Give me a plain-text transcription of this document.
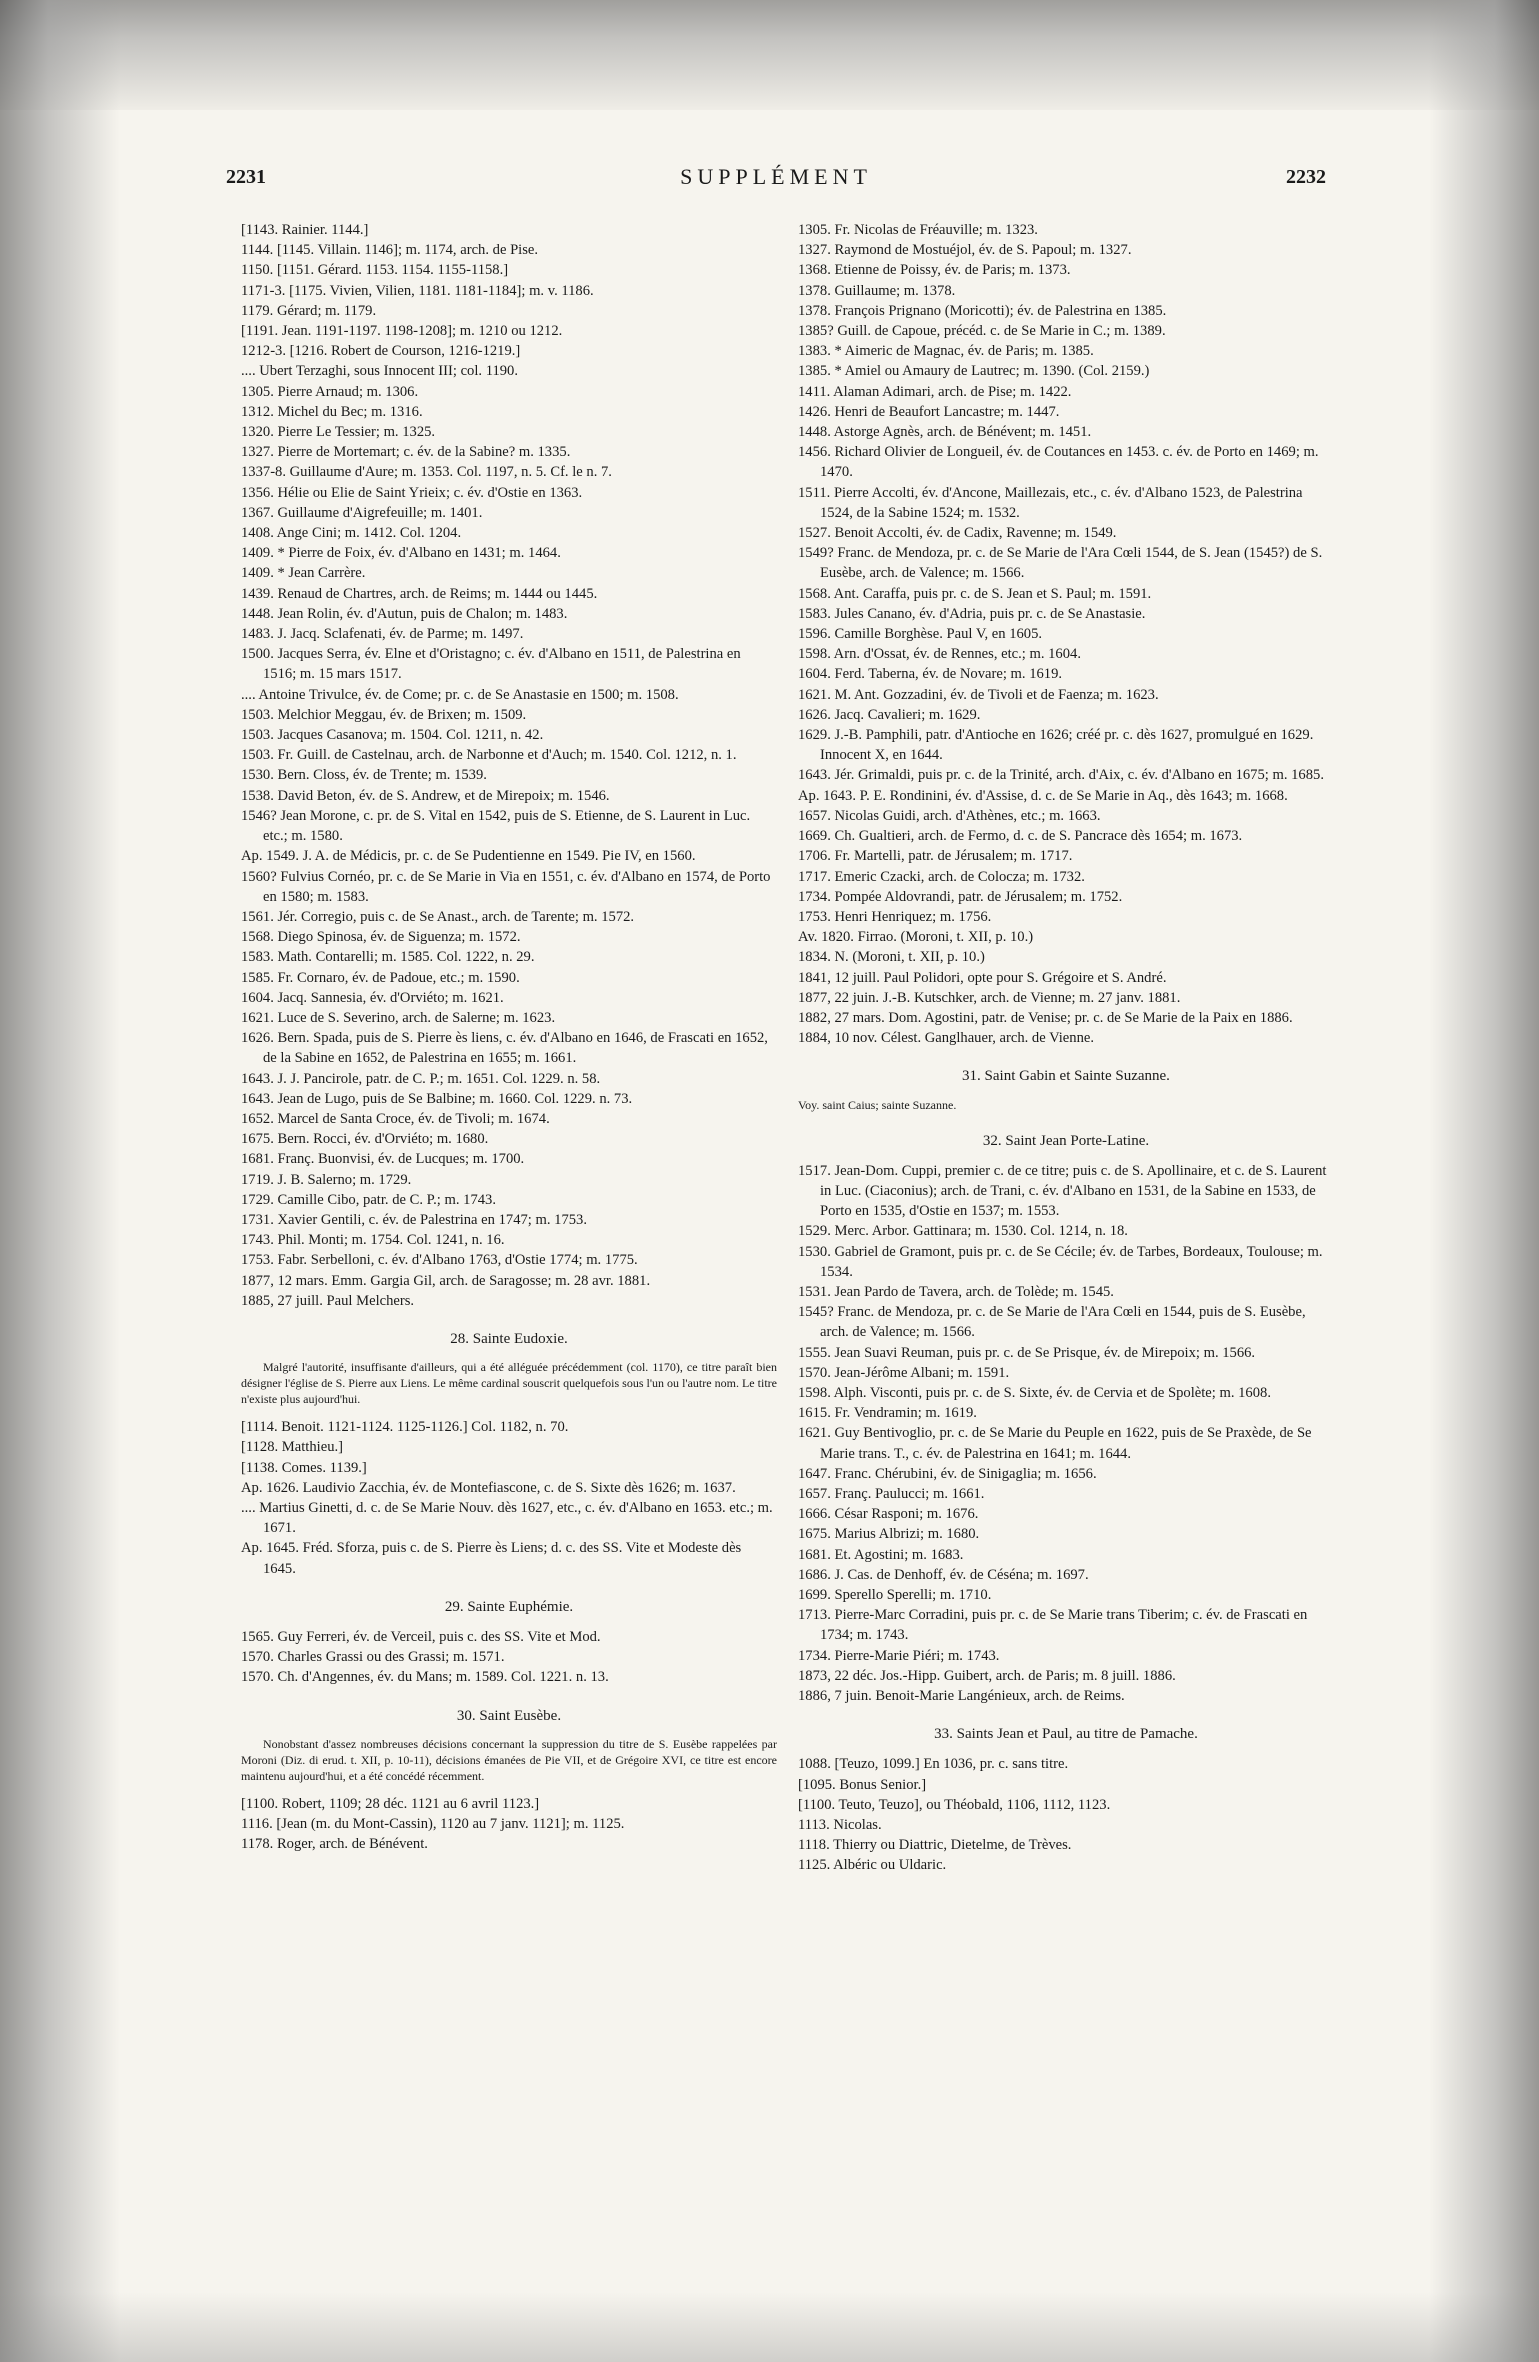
2231	SUPPLÉMENT	2232
[1143. Rainier. 1144.]
1144. [1145. Villain. 1146]; m. 1174, arch. de Pise.
1150. [1151. Gérard. 1153. 1154. 1155-1158.]
1171-3. [1175. Vivien, Vilien, 1181. 1181-1184]; m. v. 1186.
1179. Gérard; m. 1179.
[1191. Jean. 1191-1197. 1198-1208]; m. 1210 ou 1212.
1212-3. [1216. Robert de Courson, 1216-1219.]
.... Ubert Terzaghi, sous Innocent III; col. 1190.
1305. Pierre Arnaud; m. 1306.
1312. Michel du Bec; m. 1316.
1320. Pierre Le Tessier; m. 1325.
1327. Pierre de Mortemart; c. év. de la Sabine? m. 1335.
1337-8. Guillaume d'Aure; m. 1353. Col. 1197, n. 5. Cf. le n. 7.
1356. Hélie ou Elie de Saint Yrieix; c. év. d'Ostie en 1363.
1367. Guillaume d'Aigrefeuille; m. 1401.
1408. Ange Cini; m. 1412. Col. 1204.
1409. * Pierre de Foix, év. d'Albano en 1431; m. 1464.
1409. * Jean Carrère.
1439. Renaud de Chartres, arch. de Reims; m. 1444 ou 1445.
1448. Jean Rolin, év. d'Autun, puis de Chalon; m. 1483.
1483. J. Jacq. Sclafenati, év. de Parme; m. 1497.
1500. Jacques Serra, év. Elne et d'Oristagno; c. év. d'Albano en 1511, de Palestrina en 1516; m. 15 mars 1517.
.... Antoine Trivulce, év. de Come; pr. c. de Se Anastasie en 1500; m. 1508.
1503. Melchior Meggau, év. de Brixen; m. 1509.
1503. Jacques Casanova; m. 1504. Col. 1211, n. 42.
1503. Fr. Guill. de Castelnau, arch. de Narbonne et d'Auch; m. 1540. Col. 1212, n. 1.
1530. Bern. Closs, év. de Trente; m. 1539.
1538. David Beton, év. de S. Andrew, et de Mirepoix; m. 1546.
1546? Jean Morone, c. pr. de S. Vital en 1542, puis de S. Etienne, de S. Laurent in Luc. etc.; m. 1580.
Ap. 1549. J. A. de Médicis, pr. c. de Se Pudentienne en 1549. Pie IV, en 1560.
1560? Fulvius Cornéo, pr. c. de Se Marie in Via en 1551, c. év. d'Albano en 1574, de Porto en 1580; m. 1583.
1561. Jér. Corregio, puis c. de Se Anast., arch. de Tarente; m. 1572.
1568. Diego Spinosa, év. de Siguenza; m. 1572.
1583. Math. Contarelli; m. 1585. Col. 1222, n. 29.
1585. Fr. Cornaro, év. de Padoue, etc.; m. 1590.
1604. Jacq. Sannesia, év. d'Orviéto; m. 1621.
1621. Luce de S. Severino, arch. de Salerne; m. 1623.
1626. Bern. Spada, puis de S. Pierre ès liens, c. év. d'Albano en 1646, de Frascati en 1652, de la Sabine en 1652, de Palestrina en 1655; m. 1661.
1643. J. J. Pancirole, patr. de C. P.; m. 1651. Col. 1229. n. 58.
1643. Jean de Lugo, puis de Se Balbine; m. 1660. Col. 1229. n. 73.
1652. Marcel de Santa Croce, év. de Tivoli; m. 1674.
1675. Bern. Rocci, év. d'Orviéto; m. 1680.
1681. Franç. Buonvisi, év. de Lucques; m. 1700.
1719. J. B. Salerno; m. 1729.
1729. Camille Cibo, patr. de C. P.; m. 1743.
1731. Xavier Gentili, c. év. de Palestrina en 1747; m. 1753.
1743. Phil. Monti; m. 1754. Col. 1241, n. 16.
1753. Fabr. Serbelloni, c. év. d'Albano 1763, d'Ostie 1774; m. 1775.
1877, 12 mars. Emm. Gargia Gil, arch. de Saragosse; m. 28 avr. 1881.
1885, 27 juill. Paul Melchers.
28. Sainte Eudoxie.
Malgré l'autorité, insuffisante d'ailleurs, qui a été alléguée précédemment (col. 1170), ce titre paraît bien désigner l'église de S. Pierre aux Liens. Le même cardinal souscrit quelquefois sous l'un ou l'autre nom. Le titre n'existe plus aujourd'hui.
[1114. Benoit. 1121-1124. 1125-1126.] Col. 1182, n. 70.
[1128. Matthieu.]
[1138. Comes. 1139.]
Ap. 1626. Laudivio Zacchia, év. de Montefiascone, c. de S. Sixte dès 1626; m. 1637.
.... Martius Ginetti, d. c. de Se Marie Nouv. dès 1627, etc., c. év. d'Albano en 1653. etc.; m. 1671.
Ap. 1645. Fréd. Sforza, puis c. de S. Pierre ès Liens; d. c. des SS. Vite et Modeste dès 1645.
29. Sainte Euphémie.
1565. Guy Ferreri, év. de Verceil, puis c. des SS. Vite et Mod.
1570. Charles Grassi ou des Grassi; m. 1571.
1570. Ch. d'Angennes, év. du Mans; m. 1589. Col. 1221. n. 13.
30. Saint Eusèbe.
Nonobstant d'assez nombreuses décisions concernant la suppression du titre de S. Eusèbe rappelées par Moroni (Diz. di erud. t. XII, p. 10-11), décisions émanées de Pie VII, et de Grégoire XVI, ce titre est encore maintenu aujourd'hui, et a été concédé récemment.
[1100. Robert, 1109; 28 déc. 1121 au 6 avril 1123.]
1116. [Jean (m. du Mont-Cassin), 1120 au 7 janv. 1121]; m. 1125.
1178. Roger, arch. de Bénévent.
1305. Fr. Nicolas de Fréauville; m. 1323.
1327. Raymond de Mostuéjol, év. de S. Papoul; m. 1327.
1368. Etienne de Poissy, év. de Paris; m. 1373.
1378. Guillaume; m. 1378.
1378. François Prignano (Moricotti); év. de Palestrina en 1385.
1385? Guill. de Capoue, précéd. c. de Se Marie in C.; m. 1389.
1383. * Aimeric de Magnac, év. de Paris; m. 1385.
1385. * Amiel ou Amaury de Lautrec; m. 1390. (Col. 2159.)
1411. Alaman Adimari, arch. de Pise; m. 1422.
1426. Henri de Beaufort Lancastre; m. 1447.
1448. Astorge Agnès, arch. de Bénévent; m. 1451.
1456. Richard Olivier de Longueil, év. de Coutances en 1453. c. év. de Porto en 1469; m. 1470.
1511. Pierre Accolti, év. d'Ancone, Maillezais, etc., c. év. d'Albano 1523, de Palestrina 1524, de la Sabine 1524; m. 1532.
1527. Benoit Accolti, év. de Cadix, Ravenne; m. 1549.
1549? Franc. de Mendoza, pr. c. de Se Marie de l'Ara Cœli 1544, de S. Jean (1545?) de S. Eusèbe, arch. de Valence; m. 1566.
1568. Ant. Caraffa, puis pr. c. de S. Jean et S. Paul; m. 1591.
1583. Jules Canano, év. d'Adria, puis pr. c. de Se Anastasie.
1596. Camille Borghèse. Paul V, en 1605.
1598. Arn. d'Ossat, év. de Rennes, etc.; m. 1604.
1604. Ferd. Taberna, év. de Novare; m. 1619.
1621. M. Ant. Gozzadini, év. de Tivoli et de Faenza; m. 1623.
1626. Jacq. Cavalieri; m. 1629.
1629. J.-B. Pamphili, patr. d'Antioche en 1626; créé pr. c. dès 1627, promulgué en 1629. Innocent X, en 1644.
1643. Jér. Grimaldi, puis pr. c. de la Trinité, arch. d'Aix, c. év. d'Albano en 1675; m. 1685.
Ap. 1643. P. E. Rondinini, év. d'Assise, d. c. de Se Marie in Aq., dès 1643; m. 1668.
1657. Nicolas Guidi, arch. d'Athènes, etc.; m. 1663.
1669. Ch. Gualtieri, arch. de Fermo, d. c. de S. Pancrace dès 1654; m. 1673.
1706. Fr. Martelli, patr. de Jérusalem; m. 1717.
1717. Emeric Czacki, arch. de Colocza; m. 1732.
1734. Pompée Aldovrandi, patr. de Jérusalem; m. 1752.
1753. Henri Henriquez; m. 1756.
Av. 1820. Firrao. (Moroni, t. XII, p. 10.)
1834. N. (Moroni, t. XII, p. 10.)
1841, 12 juill. Paul Polidori, opte pour S. Grégoire et S. André.
1877, 22 juin. J.-B. Kutschker, arch. de Vienne; m. 27 janv. 1881.
1882, 27 mars. Dom. Agostini, patr. de Venise; pr. c. de Se Marie de la Paix en 1886.
1884, 10 nov. Célest. Ganglhauer, arch. de Vienne.
31. Saint Gabin et Sainte Suzanne.
Voy. saint Caius; sainte Suzanne.
32. Saint Jean Porte-Latine.
1517. Jean-Dom. Cuppi, premier c. de ce titre; puis c. de S. Apollinaire, et c. de S. Laurent in Luc. (Ciaconius); arch. de Trani, c. év. d'Albano en 1531, de la Sabine en 1533, de Porto en 1535, d'Ostie en 1537; m. 1553.
1529. Merc. Arbor. Gattinara; m. 1530. Col. 1214, n. 18.
1530. Gabriel de Gramont, puis pr. c. de Se Cécile; év. de Tarbes, Bordeaux, Toulouse; m. 1534.
1531. Jean Pardo de Tavera, arch. de Tolède; m. 1545.
1545? Franc. de Mendoza, pr. c. de Se Marie de l'Ara Cœli en 1544, puis de S. Eusèbe, arch. de Valence; m. 1566.
1555. Jean Suavi Reuman, puis pr. c. de Se Prisque, év. de Mirepoix; m. 1566.
1570. Jean-Jérôme Albani; m. 1591.
1598. Alph. Visconti, puis pr. c. de S. Sixte, év. de Cervia et de Spolète; m. 1608.
1615. Fr. Vendramin; m. 1619.
1621. Guy Bentivoglio, pr. c. de Se Marie du Peuple en 1622, puis de Se Praxède, de Se Marie trans. T., c. év. de Palestrina en 1641; m. 1644.
1647. Franc. Chérubini, év. de Sinigaglia; m. 1656.
1657. Franç. Paulucci; m. 1661.
1666. César Rasponi; m. 1676.
1675. Marius Albrizi; m. 1680.
1681. Et. Agostini; m. 1683.
1686. J. Cas. de Denhoff, év. de Céséna; m. 1697.
1699. Sperello Sperelli; m. 1710.
1713. Pierre-Marc Corradini, puis pr. c. de Se Marie trans Tiberim; c. év. de Frascati en 1734; m. 1743.
1734. Pierre-Marie Piéri; m. 1743.
1873, 22 déc. Jos.-Hipp. Guibert, arch. de Paris; m. 8 juill. 1886.
1886, 7 juin. Benoit-Marie Langénieux, arch. de Reims.
33. Saints Jean et Paul, au titre de Pamache.
1088. [Teuzo, 1099.] En 1036, pr. c. sans titre.
[1095. Bonus Senior.]
[1100. Teuto, Teuzo], ou Théobald, 1106, 1112, 1123.
1113. Nicolas.
1118. Thierry ou Diattric, Dietelme, de Trèves.
1125. Albéric ou Uldaric.
